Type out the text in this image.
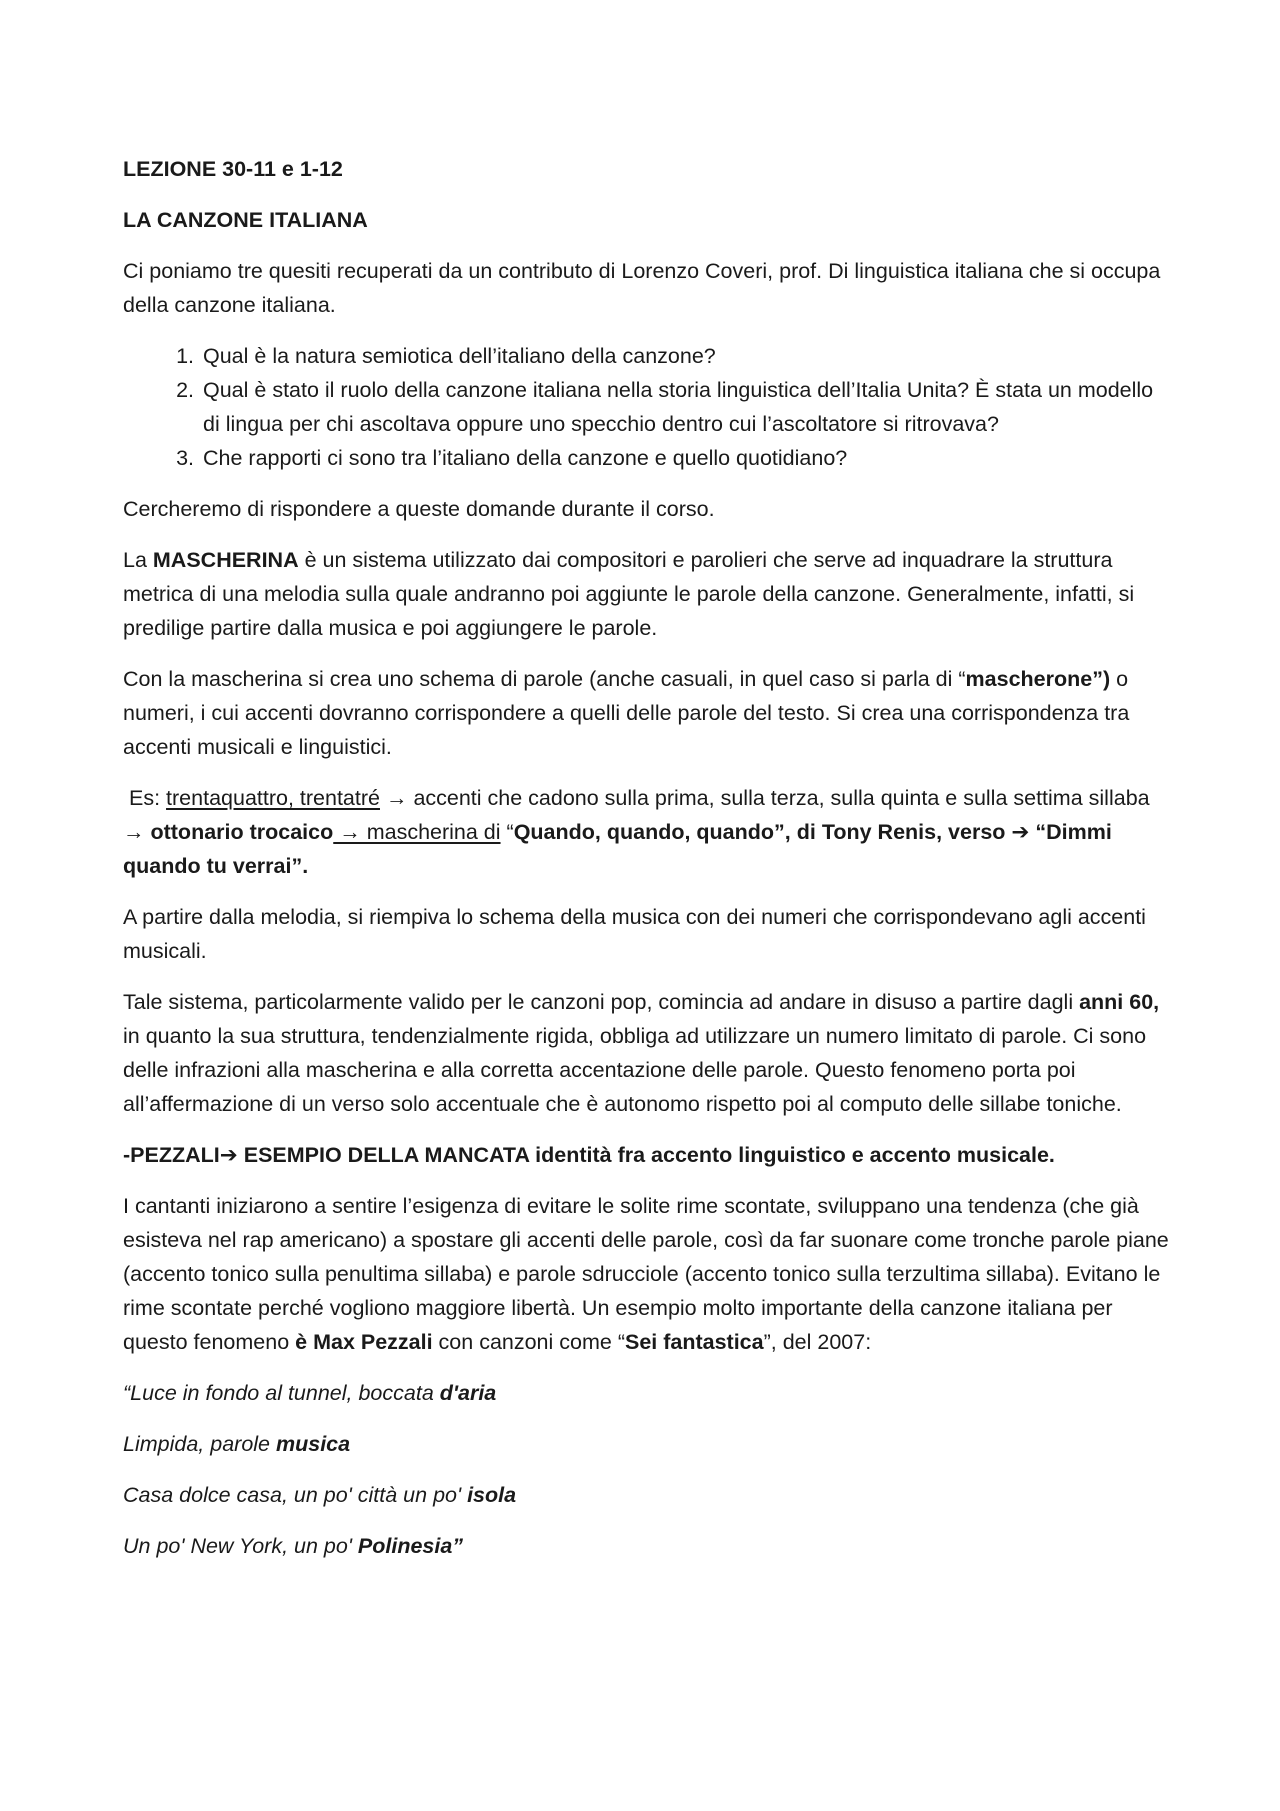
LEZIONE 30-11 e 1-12

LA CANZONE ITALIANA

Ci poniamo tre quesiti recuperati da un contributo di Lorenzo Coveri, prof. Di linguistica italiana che si occupa della canzone italiana.

1. Qual è la natura semiotica dell’italiano della canzone?
2. Qual è stato il ruolo della canzone italiana nella storia linguistica dell’Italia Unita? È stata un modello di lingua per chi ascoltava oppure uno specchio dentro cui l’ascoltatore si ritrovava?
3. Che rapporti ci sono tra l’italiano della canzone e quello quotidiano?

Cercheremo di rispondere a queste domande durante il corso.

La MASCHERINA è un sistema utilizzato dai compositori e parolieri che serve ad inquadrare la struttura metrica di una melodia sulla quale andranno poi aggiunte le parole della canzone. Generalmente, infatti, si predilige partire dalla musica e poi aggiungere le parole.

Con la mascherina si crea uno schema di parole (anche casuali, in quel caso si parla di “mascherone”) o numeri, i cui accenti dovranno corrispondere a quelli delle parole del testo. Si crea una corrispondenza tra accenti musicali e linguistici.

Es: trentaquattro, trentatré → accenti che cadono sulla prima, sulla terza, sulla quinta e sulla settima sillaba → ottonario trocaico → mascherina di “Quando, quando, quando”, di Tony Renis, verso ➔ “Dimmi quando tu verrai”.

A partire dalla melodia, si riempiva lo schema della musica con dei numeri che corrispondevano agli accenti musicali.

Tale sistema, particolarmente valido per le canzoni pop, comincia ad andare in disuso a partire dagli anni 60, in quanto la sua struttura, tendenzialmente rigida, obbliga ad utilizzare un numero limitato di parole. Ci sono delle infrazioni alla mascherina e alla corretta accentazione delle parole. Questo fenomeno porta poi all’affermazione di un verso solo accentuale che è autonomo rispetto poi al computo delle sillabe toniche.

-PEZZALI➔ ESEMPIO DELLA MANCATA identità fra accento linguistico e accento musicale.

I cantanti iniziarono a sentire l’esigenza di evitare le solite rime scontate, sviluppano una tendenza (che già esisteva nel rap americano) a spostare gli accenti delle parole, così da far suonare come tronche parole piane (accento tonico sulla penultima sillaba) e parole sdrucciole (accento tonico sulla terzultima sillaba). Evitano le rime scontate perché vogliono maggiore libertà. Un esempio molto importante della canzone italiana per questo fenomeno è Max Pezzali con canzoni come “Sei fantastica”, del 2007:

“Luce in fondo al tunnel, boccata d'aria

Limpida, parole musica

Casa dolce casa, un po' città un po' isola

Un po' New York, un po' Polinesia”
